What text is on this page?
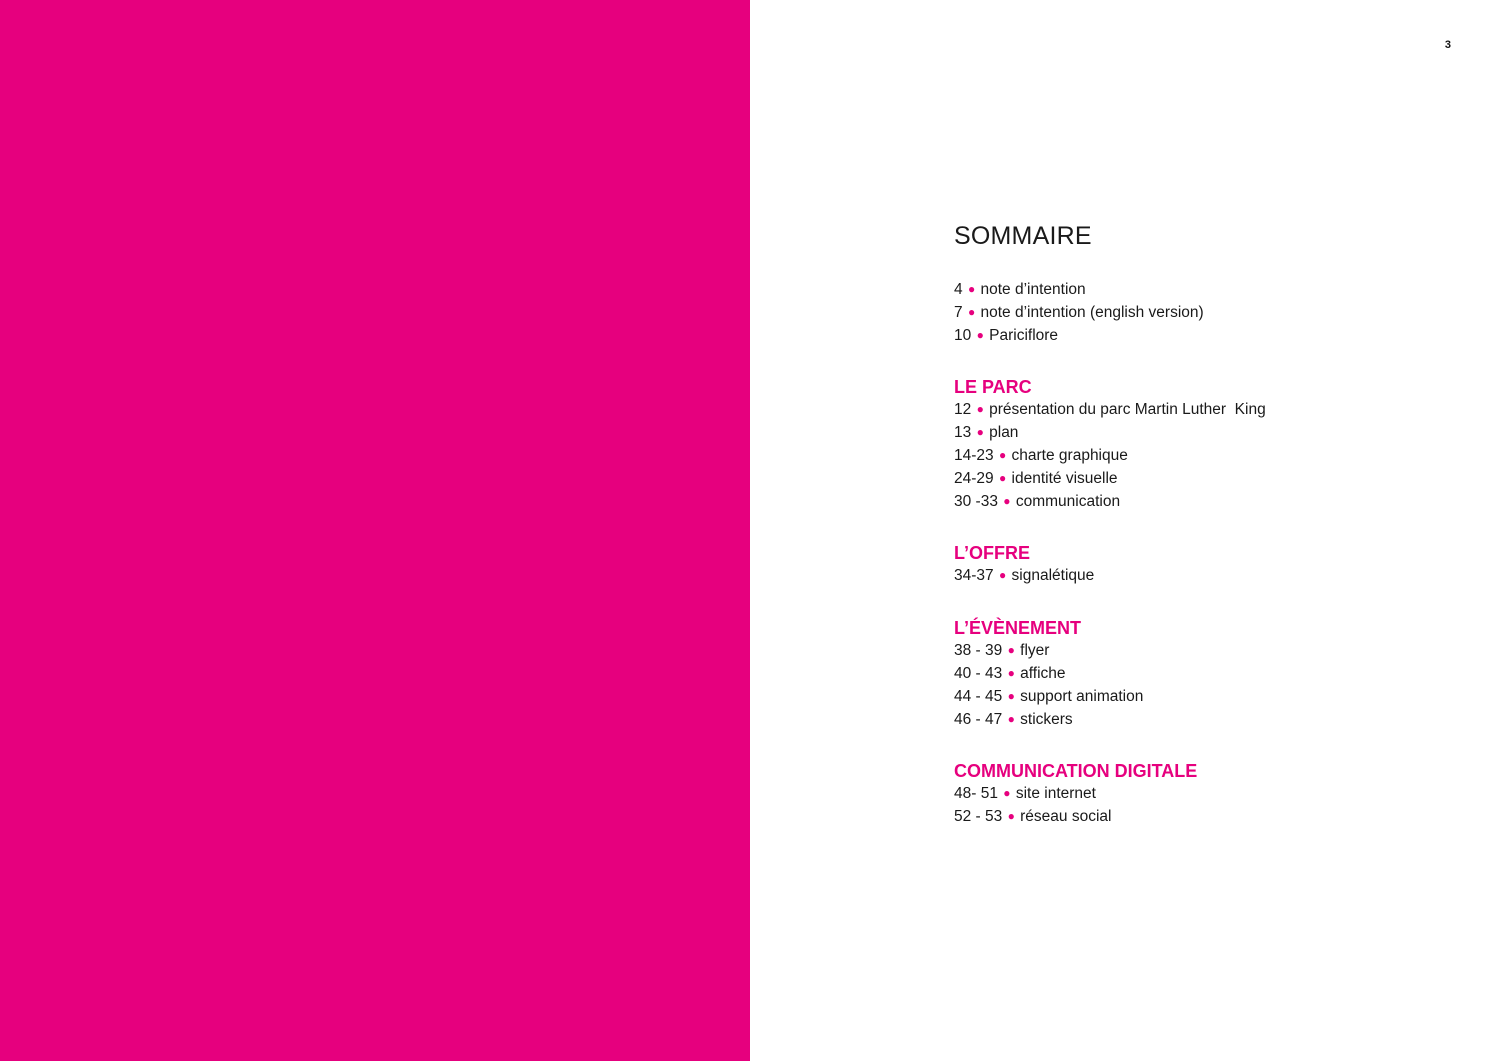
3
SOMMAIRE
4 ● note d’intention
7 ● note d’intention (english version)
10 ● Pariciflore
LE PARC
12 ● présentation du parc Martin Luther  King
13 ● plan
14-23 ● charte graphique
24-29 ● identité visuelle
30 -33 ● communication
L’OFFRE
34-37 ● signalétique
L’ÉVÈNEMENT
38 - 39 ● flyer
40 - 43 ● affiche
44 - 45 ● support animation
46 - 47 ● stickers
COMMUNICATION DIGITALE
48- 51 ● site internet
52 - 53 ● réseau social
